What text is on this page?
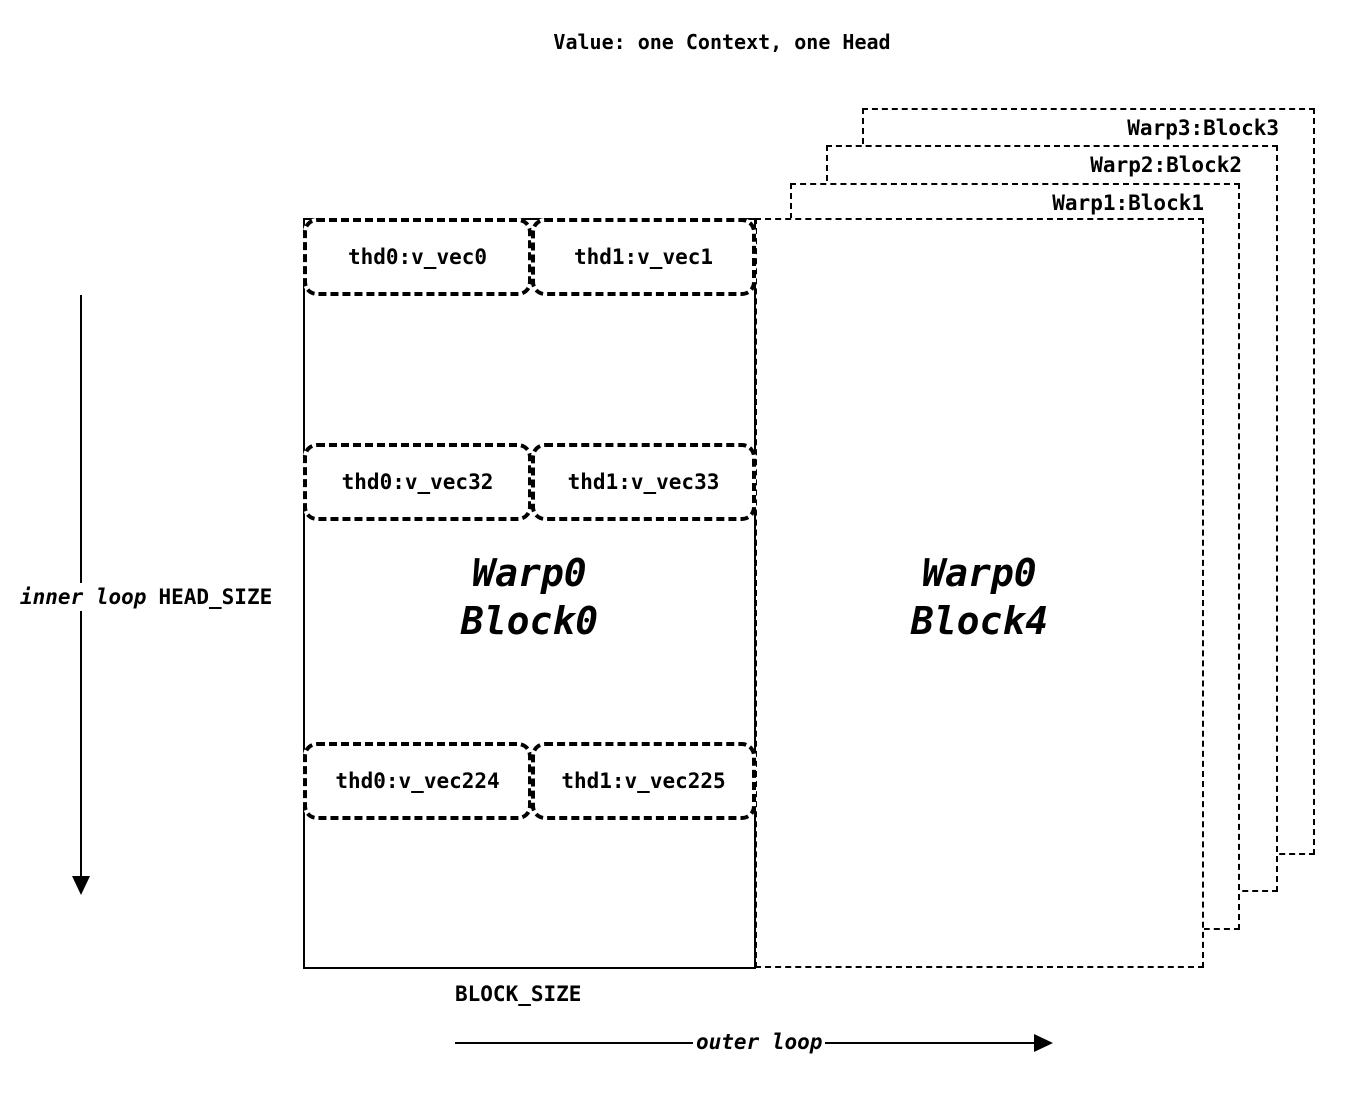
Value: one Context, one Head
Warp3:Block3
Warp2:Block2
Warp1:Block1
Warp0
Block4
thd0:v_vec0	thd1:v_vec1
thd0:v_vec32	thd1:v_vec33
thd0:v_vec224	thd1:v_vec225
Warp0
Block0
inner loop HEAD_SIZE
BLOCK_SIZE
outer loop
